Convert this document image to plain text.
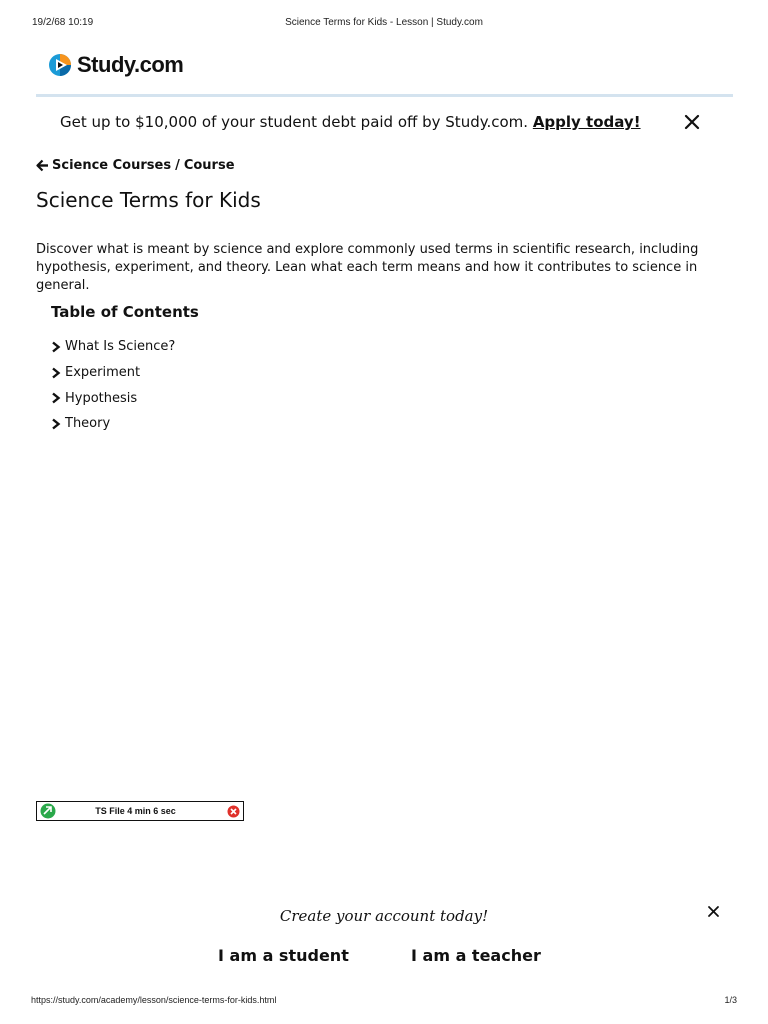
19/2/68 10:19	Science Terms for Kids - Lesson | Study.com
Study.com
Get up to $10,000 of your student debt paid off by Study.com. Apply today!
Science Courses / Course
Science Terms for Kids

Discover what is meant by science and explore commonly used terms in scientific research, including hypothesis, experiment, and theory. Lean what each term means and how it contributes to science in general.

Table of Contents
What Is Science?
Experiment
Hypothesis
Theory
TS File 4 min 6 sec

Create your account today!

I am a student	I am a teacher
https://study.com/academy/lesson/science-terms-for-kids.html	1/3
